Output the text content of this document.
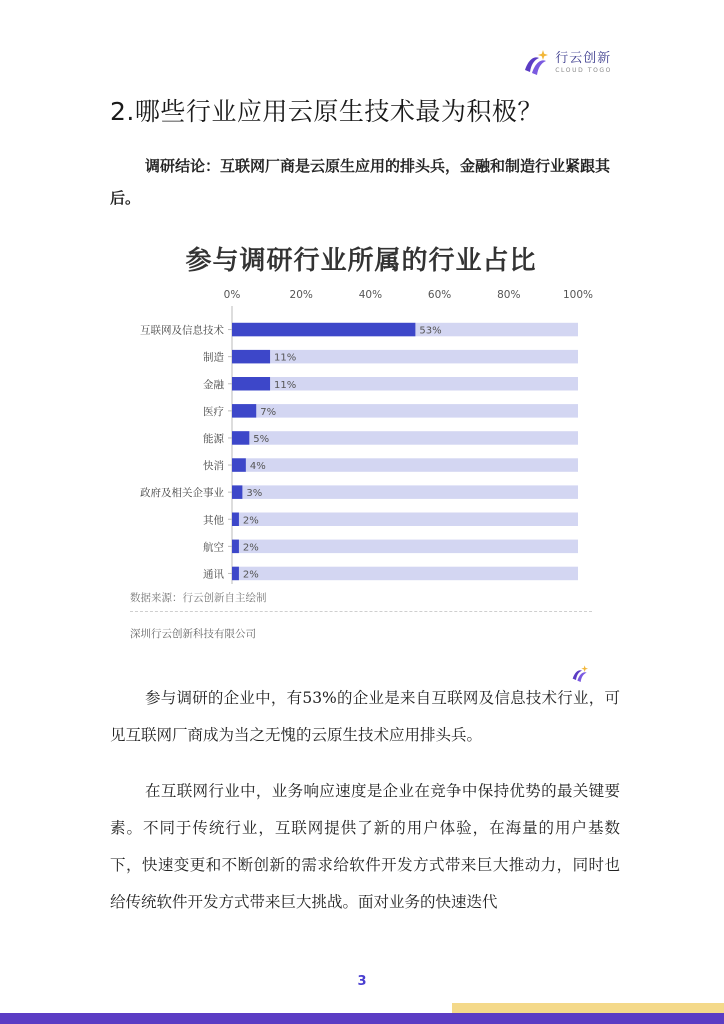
行云创新
CLOUD TOGO
2.哪些行业应用云原生技术最为积极？
调研结论：互联网厂商是云原生应用的排头兵，金融和制造行业紧跟其后。
参与调研行业所属的行业占比
0%	20%	40%	60%	80%	100%
互联网及信息技术	53%
制造	11%
金融	11%
医疗	7%
能源	5%
快消	4%
政府及相关企事业 3%
其他 2%
航空 2%
通讯 2%
数据来源：行云创新自主绘制
深圳行云创新科技有限公司
参与调研的企业中，有53%的企业是来自互联网及信息技术行业，可见互联网厂商成为当之无愧的云原生技术应用排头兵。
在互联网行业中，业务响应速度是企业在竞争中保持优势的最关键要素。不同于传统行业，互联网提供了新的用户体验，在海量的用户基数下，快速变更和不断创新的需求给软件开发方式带来巨大推动力，同时也给传统软件开发方式带来巨大挑战。面对业务的快速迭代
3
